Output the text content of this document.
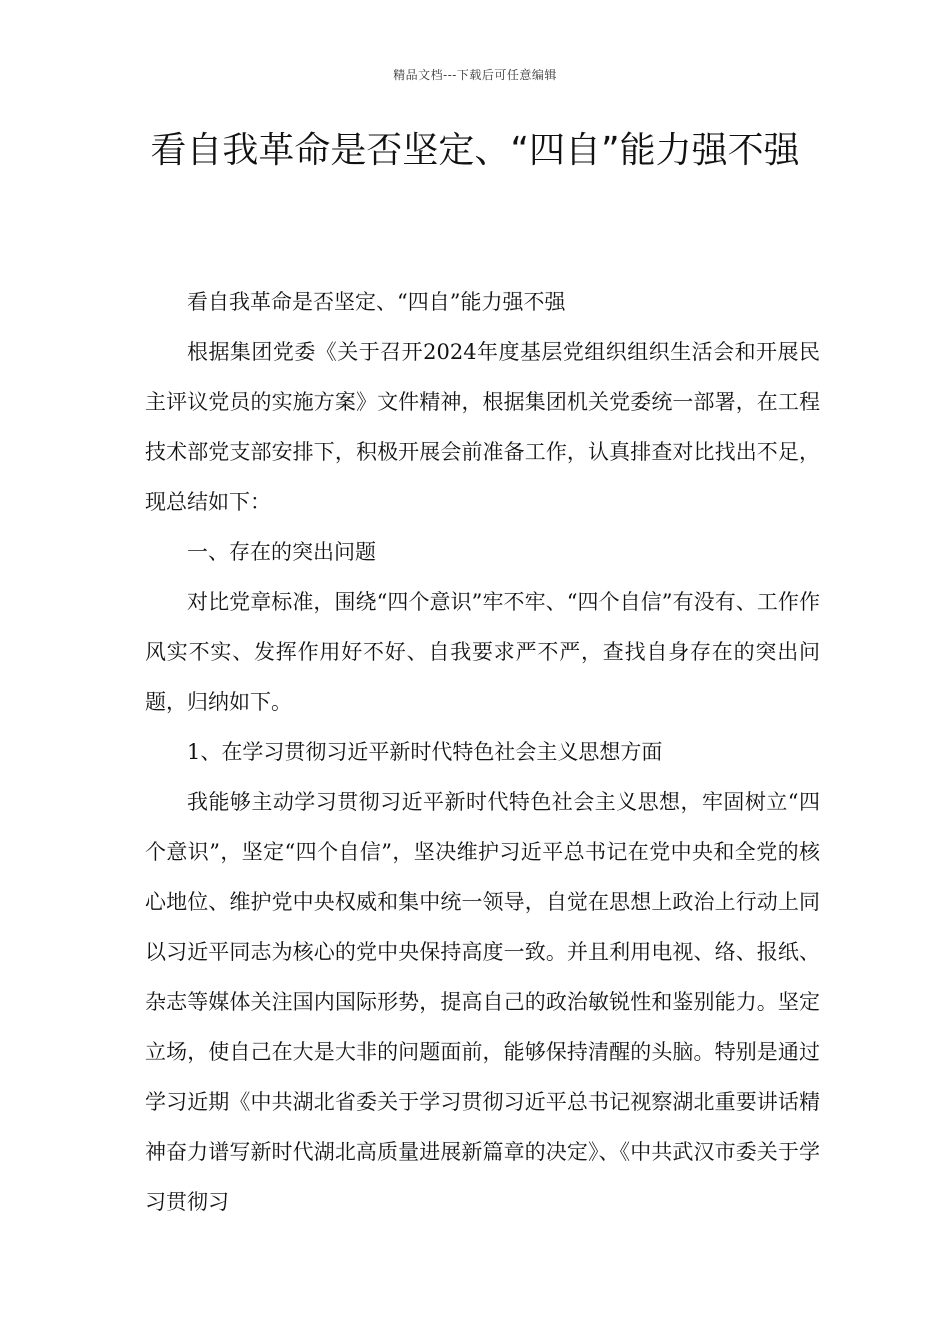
精品文档---下载后可任意编辑
看自我革命是否坚定、“四自”能力强不强

看自我革命是否坚定、“四自”能力强不强

根据集团党委《关于召开2024年度基层党组织组织生活会和开展民主评议党员的实施方案》文件精神，根据集团机关党委统一部署，在工程技术部党支部安排下，积极开展会前准备工作，认真排查对比找出不足，现总结如下：

一、存在的突出问题

对比党章标准，围绕“四个意识”牢不牢、“四个自信”有没有、工作作风实不实、发挥作用好不好、自我要求严不严，查找自身存在的突出问题，归纳如下。

1、在学习贯彻习近平新时代特色社会主义思想方面

我能够主动学习贯彻习近平新时代特色社会主义思想，牢固树立“四个意识”，坚定“四个自信”，坚决维护习近平总书记在党中央和全党的核心地位、维护党中央权威和集中统一领导，自觉在思想上政治上行动上同以习近平同志为核心的党中央保持高度一致。并且利用电视、络、报纸、杂志等媒体关注国内国际形势，提高自己的政治敏锐性和鉴别能力。坚定立场，使自己在大是大非的问题面前，能够保持清醒的头脑。特别是通过学习近期《中共湖北省委关于学习贯彻习近平总书记视察湖北重要讲话精神奋力谱写新时代湖北高质量进展新篇章的决定》、《中共武汉市委关于学习贯彻习
